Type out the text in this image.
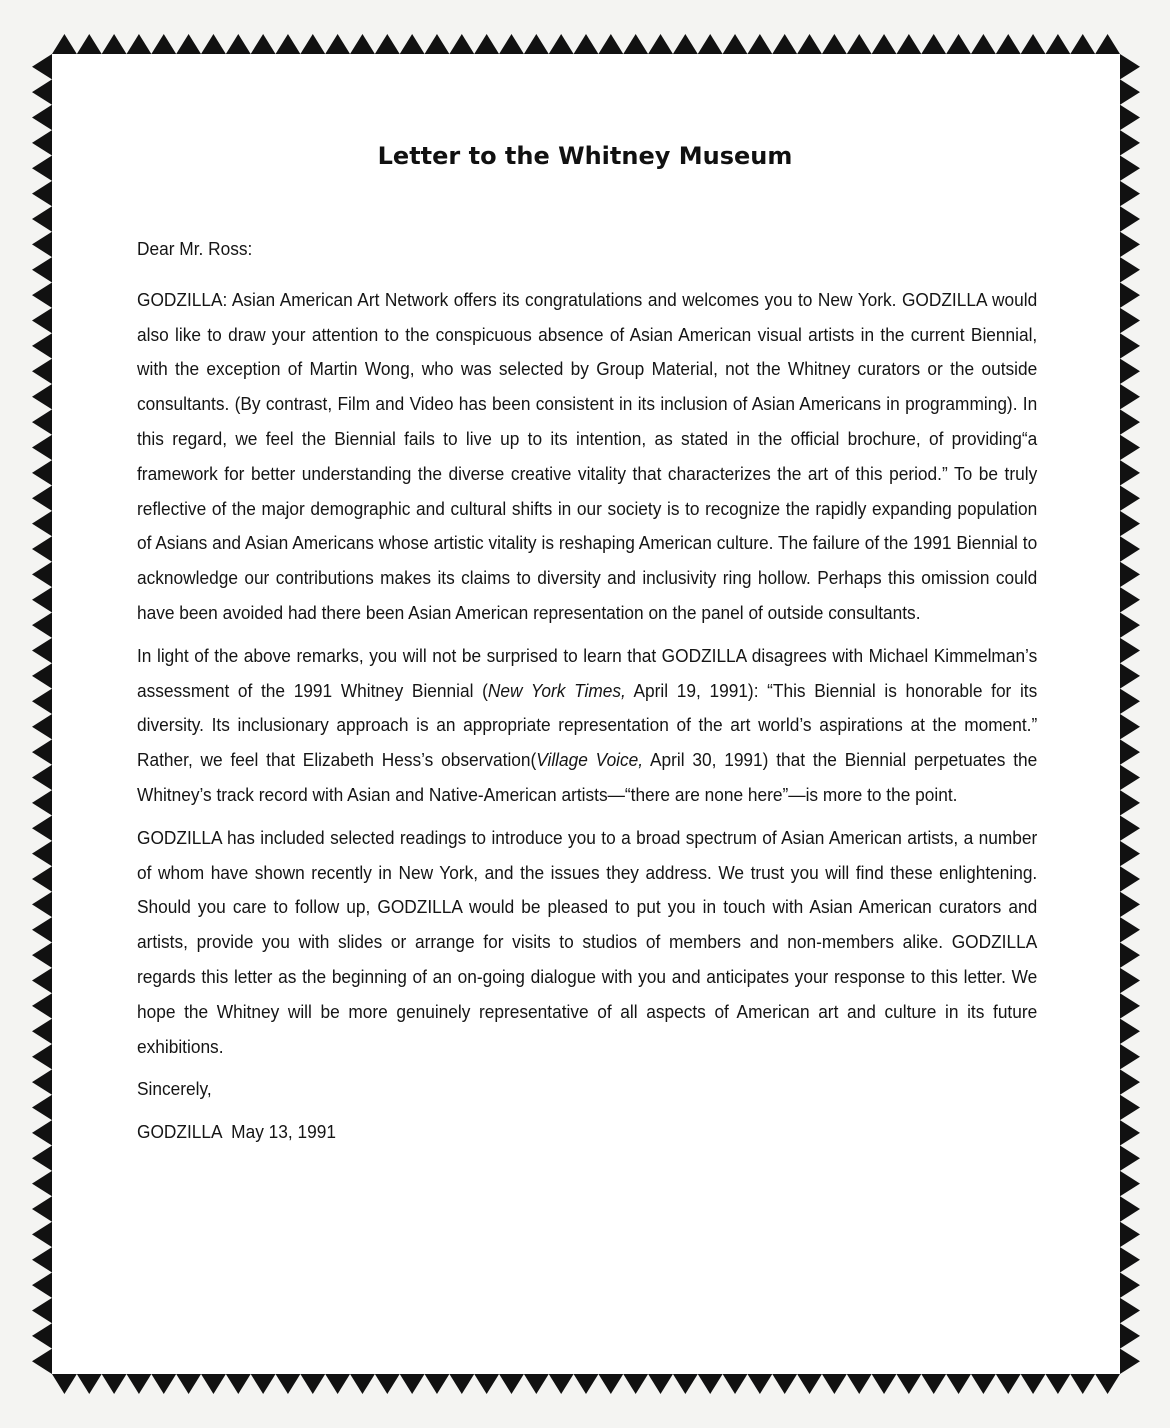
Letter to the Whitney Museum

Dear Mr. Ross:

GODZILLA: Asian American Art Network offers its congratulations and welcomes you to New York. GODZILLA would also like to draw your attention to the conspicuous absence of Asian American visual artists in the current Biennial, with the exception of Martin Wong, who was selected by Group Material, not the Whitney curators or the outside consultants. (By contrast, Film and Video has been consistent in its inclusion of Asian Americans in programming). In this regard, we feel the Biennial fails to live up to its intention, as stated in the official brochure, of providing“a framework for better understanding the diverse creative vitality that characterizes the art of this period.” To be truly reflective of the major demographic and cultural shifts in our society is to recognize the rapidly expanding population of Asians and Asian Americans whose artistic vitality is reshaping American culture. The failure of the 1991 Biennial to acknowledge our contributions makes its claims to diversity and inclusivity ring hollow. Perhaps this omission could have been avoided had there been Asian American representation on the panel of outside consultants.

In light of the above remarks, you will not be surprised to learn that GODZILLA disagrees with Michael Kimmelman’s assessment of the 1991 Whitney Biennial (New York Times, April 19, 1991): “This Biennial is honorable for its diversity. Its inclusionary approach is an appropriate representation of the art world’s aspirations at the moment.” Rather, we feel that Elizabeth Hess’s observation(Village Voice, April 30, 1991) that the Biennial perpetuates the Whitney’s track record with Asian and Native-American artists—“there are none here”—is more to the point.

GODZILLA has included selected readings to introduce you to a broad spectrum of Asian American artists, a number of whom have shown recently in New York, and the issues they address. We trust you will find these enlightening. Should you care to follow up, GODZILLA would be pleased to put you in touch with Asian American curators and artists, provide you with slides or arrange for visits to studios of members and non-members alike. GODZILLA regards this letter as the beginning of an on-going dialogue with you and anticipates your response to this letter. We hope the Whitney will be more genuinely representative of all aspects of American art and culture in its future exhibitions.

Sincerely,

GODZILLA  May 13, 1991
